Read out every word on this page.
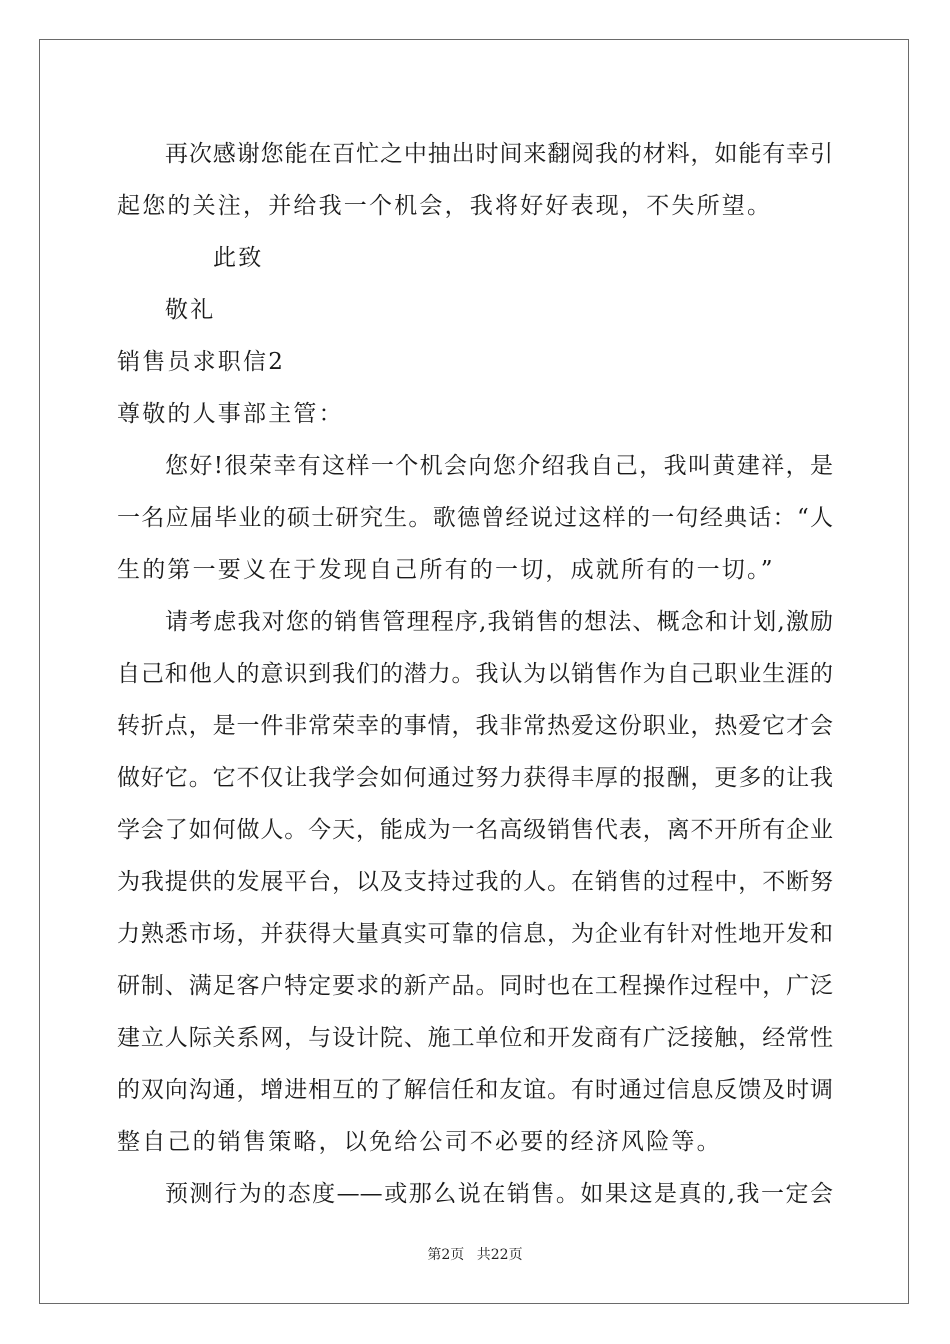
再次感谢您能在百忙之中抽出时间来翻阅我的材料，如能有幸引
起您的关注，并给我一个机会，我将好好表现，不失所望。
此致
敬礼
销售员求职信2
尊敬的人事部主管：
您好!很荣幸有这样一个机会向您介绍我自己，我叫黄建祥，是
一名应届毕业的硕士研究生。歌德曾经说过这样的一句经典话：“人
生的第一要义在于发现自己所有的一切，成就所有的一切。”
请考虑我对您的销售管理程序,我销售的想法、概念和计划,激励
自己和他人的意识到我们的潜力。我认为以销售作为自己职业生涯的
转折点，是一件非常荣幸的事情，我非常热爱这份职业，热爱它才会
做好它。它不仅让我学会如何通过努力获得丰厚的报酬，更多的让我
学会了如何做人。今天，能成为一名高级销售代表，离不开所有企业
为我提供的发展平台，以及支持过我的人。在销售的过程中，不断努
力熟悉市场，并获得大量真实可靠的信息，为企业有针对性地开发和
研制、满足客户特定要求的新产品。同时也在工程操作过程中，广泛
建立人际关系网，与设计院、施工单位和开发商有广泛接触，经常性
的双向沟通，增进相互的了解信任和友谊。有时通过信息反馈及时调
整自己的销售策略，以免给公司不必要的经济风险等。
预测行为的态度——或那么说在销售。如果这是真的,我一定会
第2页 共22页
